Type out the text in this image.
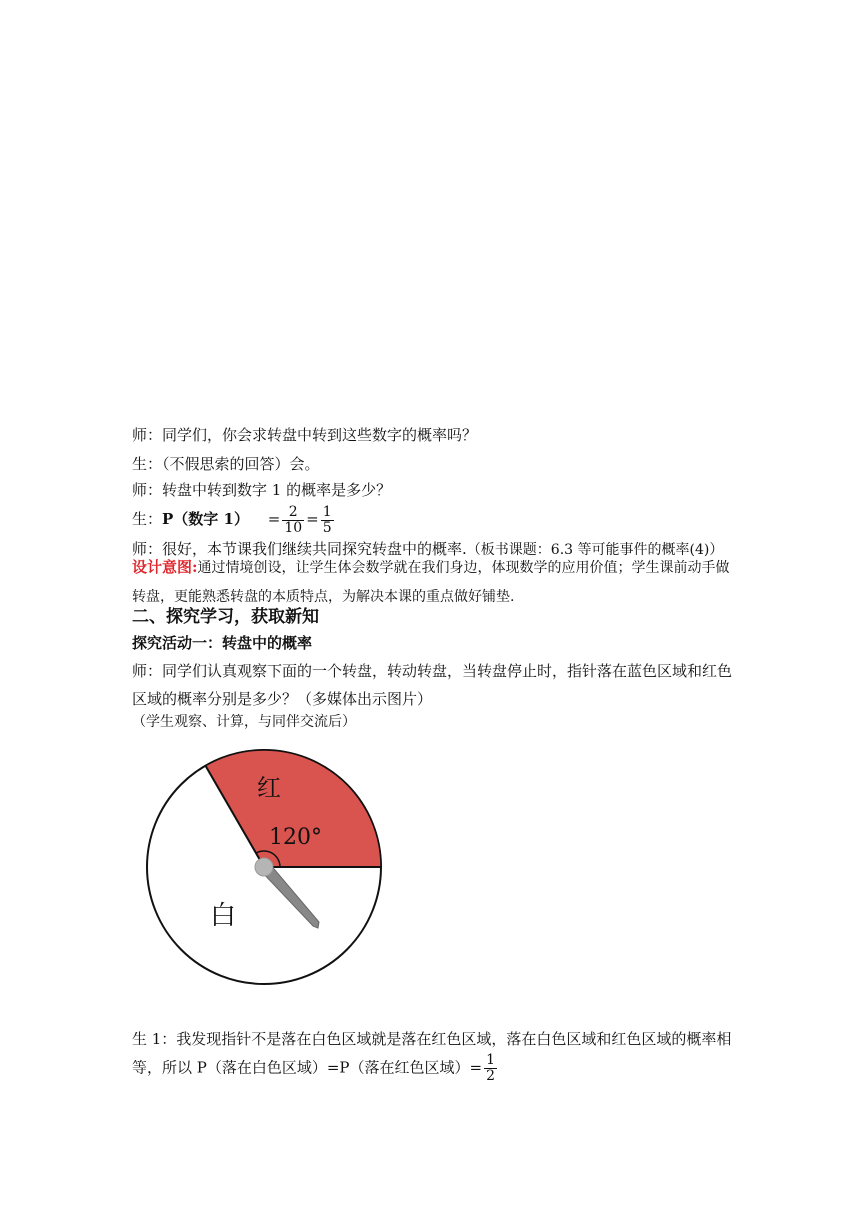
师：同学们，你会求转盘中转到这些数字的概率吗？
生：（不假思索的回答）会。
师：转盘中转到数字 1 的概率是多少？
生：P（数字 $1) = \frac{2}{10} = \frac{1}{5}$
师：很好，本节课我们继续共同探究转盘中的概率.（板书课题：6.3 等可能事件的概率(4)）
设计意图:通过情境创设，让学生体会数学就在我们身边，体现数学的应用价值；学生课前动手做转盘，更能熟悉转盘的本质特点，为解决本课的重点做好铺垫.
二、探究学习，获取新知
探究活动一：转盘中的概率
师：同学们认真观察下面的一个转盘，转动转盘，当转盘停止时，指针落在蓝色区域和红色区域的概率分别是多少？（多媒体出示图片）
（学生观察、计算，与同伴交流后）
120°
红
白
生 1：我发现指针不是落在白色区域就是落在红色区域，落在白色区域和红色区域的概率相等，所以 P（落在白色区域）=P（落在红色区域）= $\frac{1}{2}$
